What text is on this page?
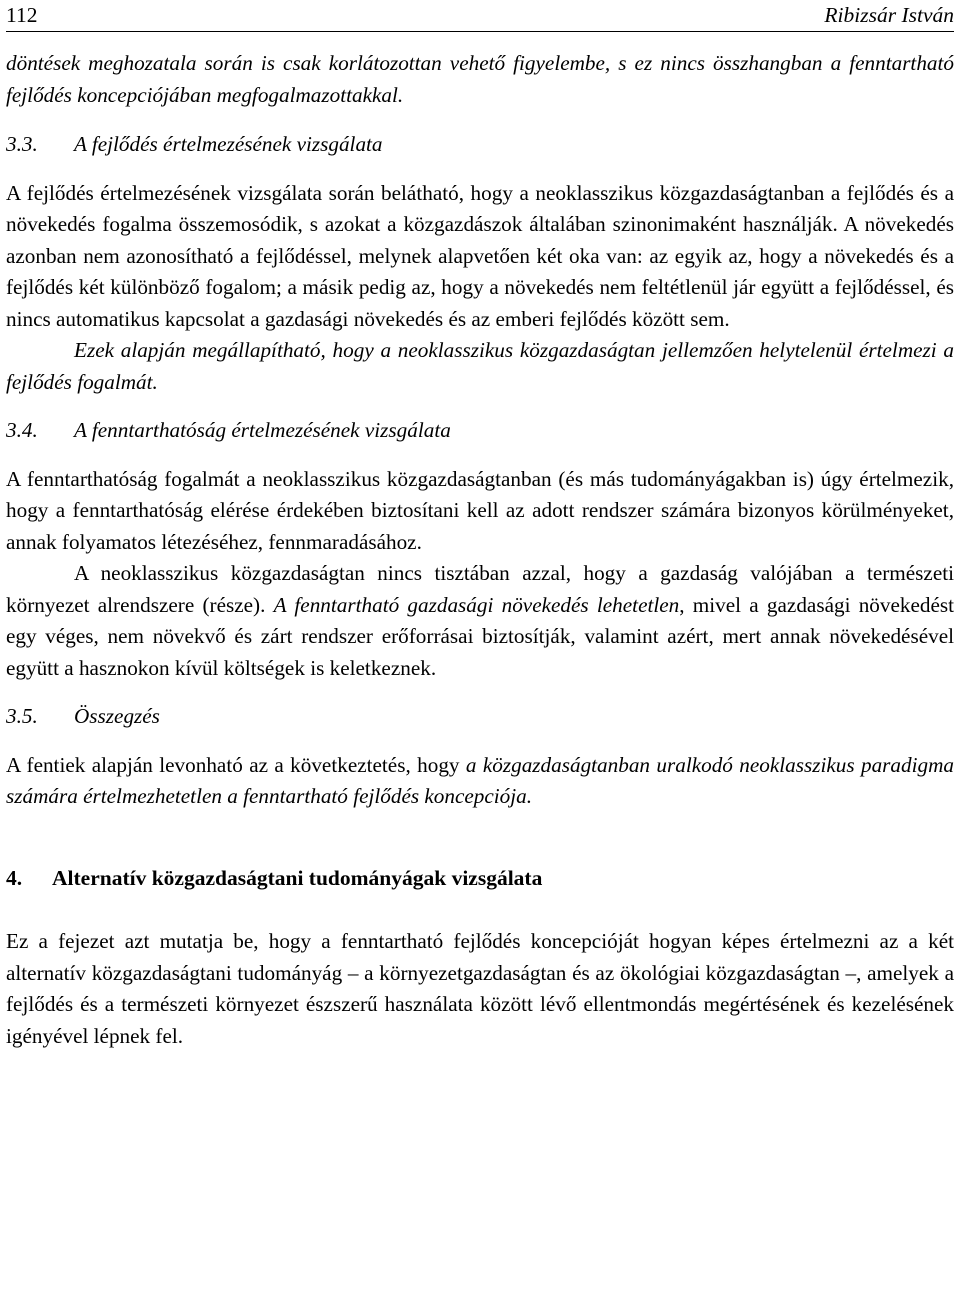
112	Ribizsár István

döntések meghozatala során is csak korlátozottan vehető figyelembe, s ez nincs összhangban a fenntartható fejlődés koncepciójában megfogalmazottakkal.

3.3.	A fejlődés értelmezésének vizsgálata

A fejlődés értelmezésének vizsgálata során belátható, hogy a neoklasszikus közgazdaságtanban a fejlődés és a növekedés fogalma összemosódik, s azokat a közgazdászok általában szinonimaként használják. A növekedés azonban nem azonosítható a fejlődéssel, melynek alapvetően két oka van: az egyik az, hogy a növekedés és a fejlődés két különböző fogalom; a másik pedig az, hogy a növekedés nem feltétlenül jár együtt a fejlődéssel, és nincs automatikus kapcsolat a gazdasági növekedés és az emberi fejlődés között sem.

Ezek alapján megállapítható, hogy a neoklasszikus közgazdaságtan jellemzően helytelenül értelmezi a fejlődés fogalmát.

3.4.	A fenntarthatóság értelmezésének vizsgálata

A fenntarthatóság fogalmát a neoklasszikus közgazdaságtanban (és más tudományágakban is) úgy értelmezik, hogy a fenntarthatóság elérése érdekében biztosítani kell az adott rendszer számára bizonyos körülményeket, annak folyamatos létezéséhez, fennmaradásához.

A neoklasszikus közgazdaságtan nincs tisztában azzal, hogy a gazdaság valójában a természeti környezet alrendszere (része). A fenntartható gazdasági növekedés lehetetlen, mivel a gazdasági növekedést egy véges, nem növekvő és zárt rendszer erőforrásai biztosítják, valamint azért, mert annak növekedésével együtt a hasznokon kívül költségek is keletkeznek.

3.5.	Összegzés

A fentiek alapján levonható az a következtetés, hogy a közgazdaságtanban uralkodó neoklasszikus paradigma számára értelmezhetetlen a fenntartható fejlődés koncepciója.

4.	Alternatív közgazdaságtani tudományágak vizsgálata

Ez a fejezet azt mutatja be, hogy a fenntartható fejlődés koncepcióját hogyan képes értelmezni az a két alternatív közgazdaságtani tudományág – a környezetgazdaságtan és az ökológiai közgazdaságtan –, amelyek a fejlődés és a természeti környezet észszerű használata között lévő ellentmondás megértésének és kezelésének igényével lépnek fel.
